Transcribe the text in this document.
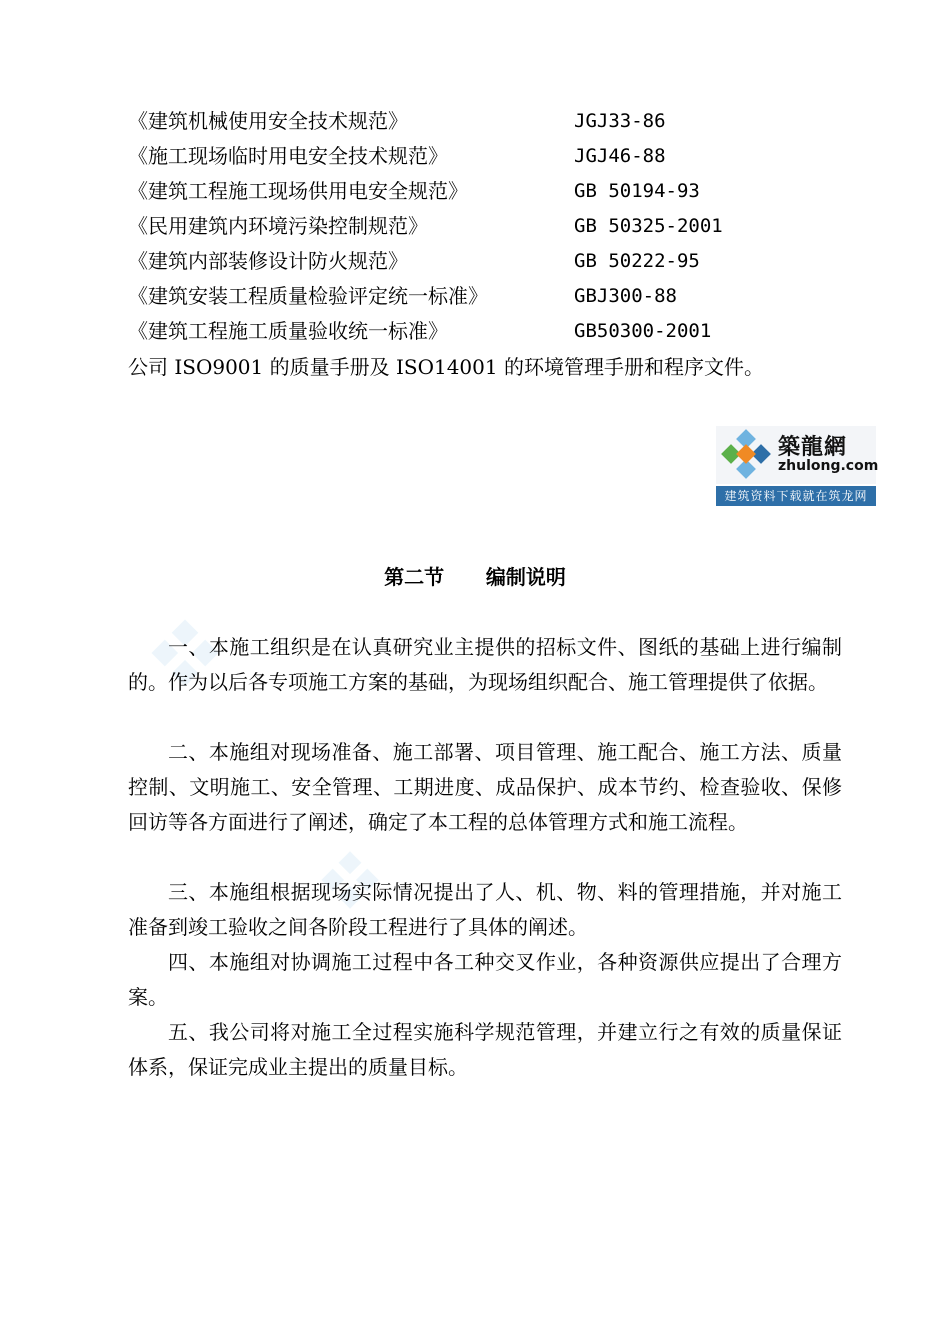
《建筑机械使用安全技术规范》	JGJ33-86
《施工现场临时用电安全技术规范》	JGJ46-88
《建筑工程施工现场供用电安全规范》	GB 50194-93
《民用建筑内环境污染控制规范》	GB 50325-2001
《建筑内部装修设计防火规范》	GB 50222-95
《建筑安装工程质量检验评定统一标准》	GBJ300-88
《建筑工程施工质量验收统一标准》	GB50300-2001
公司 ISO9001 的质量手册及 ISO14001 的环境管理手册和程序文件。
築龍網
zhulong.com
建筑资料下载就在筑龙网
第二节      编制说明
一、本施工组织是在认真研究业主提供的招标文件、图纸的基础上进行编制的。作为以后各专项施工方案的基础，为现场组织配合、施工管理提供了依据。
二、本施组对现场准备、施工部署、项目管理、施工配合、施工方法、质量控制、文明施工、安全管理、工期进度、成品保护、成本节约、检查验收、保修回访等各方面进行了阐述，确定了本工程的总体管理方式和施工流程。
三、本施组根据现场实际情况提出了人、机、物、料的管理措施，并对施工准备到竣工验收之间各阶段工程进行了具体的阐述。
四、本施组对协调施工过程中各工种交叉作业，各种资源供应提出了合理方案。
五、我公司将对施工全过程实施科学规范管理，并建立行之有效的质量保证体系，保证完成业主提出的质量目标。
